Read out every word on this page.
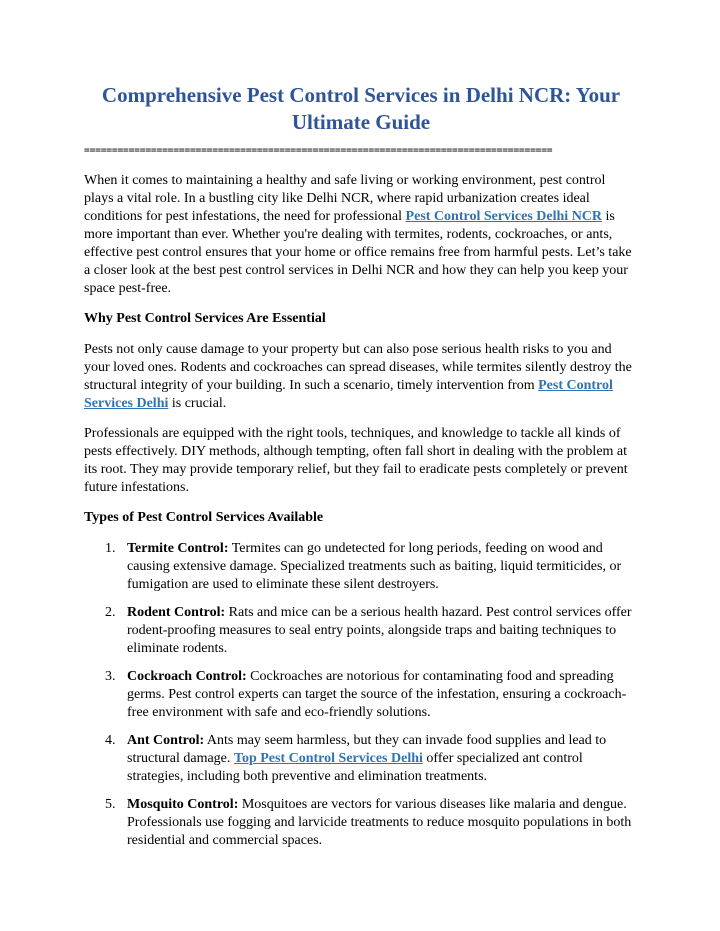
Comprehensive Pest Control Services in Delhi NCR: Your Ultimate Guide
====================================================================================

When it comes to maintaining a healthy and safe living or working environment, pest control plays a vital role. In a bustling city like Delhi NCR, where rapid urbanization creates ideal conditions for pest infestations, the need for professional Pest Control Services Delhi NCR is more important than ever. Whether you're dealing with termites, rodents, cockroaches, or ants, effective pest control ensures that your home or office remains free from harmful pests. Let’s take a closer look at the best pest control services in Delhi NCR and how they can help you keep your space pest-free.

Why Pest Control Services Are Essential

Pests not only cause damage to your property but can also pose serious health risks to you and your loved ones. Rodents and cockroaches can spread diseases, while termites silently destroy the structural integrity of your building. In such a scenario, timely intervention from Pest Control Services Delhi is crucial.

Professionals are equipped with the right tools, techniques, and knowledge to tackle all kinds of pests effectively. DIY methods, although tempting, often fall short in dealing with the problem at its root. They may provide temporary relief, but they fail to eradicate pests completely or prevent future infestations.

Types of Pest Control Services Available
1. Termite Control: Termites can go undetected for long periods, feeding on wood and causing extensive damage. Specialized treatments such as baiting, liquid termiticides, or fumigation are used to eliminate these silent destroyers.
2. Rodent Control: Rats and mice can be a serious health hazard. Pest control services offer rodent-proofing measures to seal entry points, alongside traps and baiting techniques to eliminate rodents.
3. Cockroach Control: Cockroaches are notorious for contaminating food and spreading germs. Pest control experts can target the source of the infestation, ensuring a cockroach-free environment with safe and eco-friendly solutions.
4. Ant Control: Ants may seem harmless, but they can invade food supplies and lead to structural damage. Top Pest Control Services Delhi offer specialized ant control strategies, including both preventive and elimination treatments.
5. Mosquito Control: Mosquitoes are vectors for various diseases like malaria and dengue. Professionals use fogging and larvicide treatments to reduce mosquito populations in both residential and commercial spaces.
